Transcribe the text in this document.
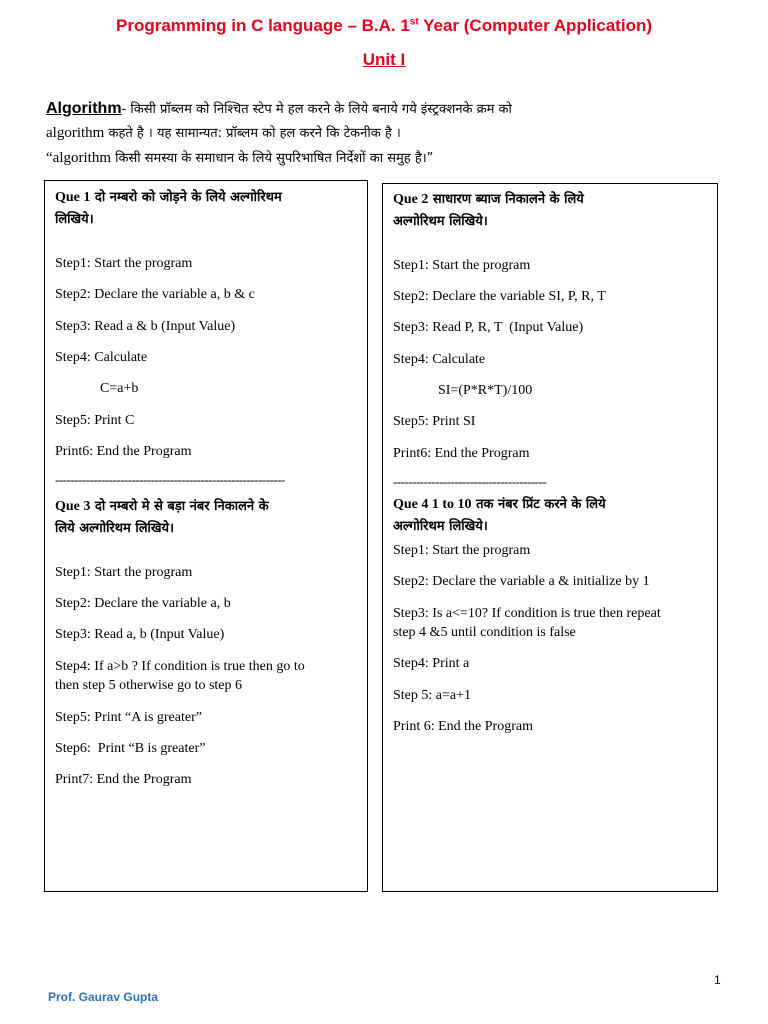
Programming in C language – B.A. 1st Year (Computer Application)
Unit I
Algorithm- किसी प्रॉब्लम को निश्चित स्टेप मे हल करने के लिये बनाये गये इंस्ट्रक्शनके क्रम को
algorithm कहते है । यह सामान्यत: प्रॉब्लम को हल करने कि टेकनीक है ।
“algorithm किसी समस्या के समाधान के लिये सुपरिभाषित निर्देशों का समुह है।”
Que 1 दो नम्बरो को जोड़ने के लिये अल्गोरिथम
लिखिये।
Step1: Start the program
Step2: Declare the variable a, b & c
Step3: Read a & b (Input Value)
Step4: Calculate
C=a+b
Step5: Print C
Print6: End the Program
------------------------------------------------------------
Que 3 दो नम्बरो मे से बड़ा नंबर निकालने के
लिये अल्गोरिथम लिखिये।
Step1: Start the program
Step2: Declare the variable a, b
Step3: Read a, b (Input Value)
Step4: If a>b ? If condition is true then go to
then step 5 otherwise go to step 6
Step5: Print “A is greater”
Step6:  Print “B is greater”
Print7: End the Program
Que 2 साधारण ब्याज निकालने के लिये
अल्गोरिथम लिखिये।
Step1: Start the program
Step2: Declare the variable SI, P, R, T
Step3: Read P, R, T  (Input Value)
Step4: Calculate
SI=(P*R*T)/100
Step5: Print SI
Print6: End the Program
----------------------------------------
Que 4 1 to 10 तक नंबर प्रिंट करने के लिये
अल्गोरिथम लिखिये।
Step1: Start the program
Step2: Declare the variable a & initialize by 1
Step3: Is a<=10? If condition is true then repeat
step 4 &5 until condition is false
Step4: Print a
Step 5: a=a+1
Print 6: End the Program
1
Prof. Gaurav Gupta
